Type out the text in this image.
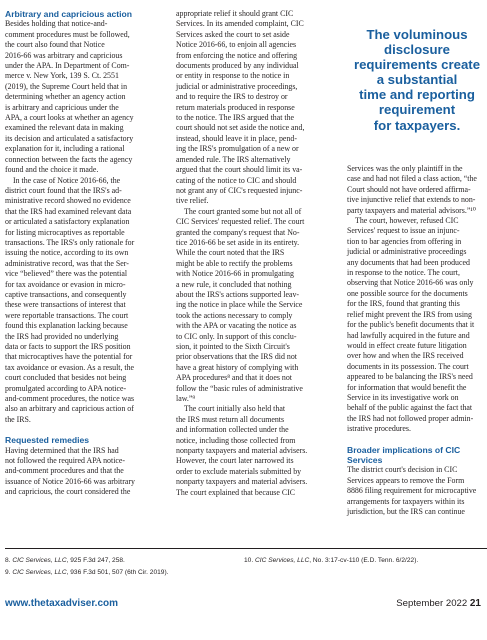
Arbitrary and capricious action

Besides holding that notice-and-
comment procedures must be followed,
the court also found that Notice
2016-66 was arbitrary and capricious
under the APA. In Department of Com-
merce v. New York, 139 S. Ct. 2551
(2019), the Supreme Court held that in
determining whether an agency action
is arbitrary and capricious under the
APA, a court looks at whether an agency
examined the relevant data in making
its decision and articulated a satisfactory
explanation for it, including a rational
connection between the facts the agency
found and the choice it made.

In the case of Notice 2016-66, the
district court found that the IRS's ad-
ministrative record showed no evidence
that the IRS had examined relevant data
or articulated a satisfactory explanation
for listing microcaptives as reportable
transactions. The IRS's only rationale for
issuing the notice, according to its own
administrative record, was that the Ser-
vice “believed” there was the potential
for tax avoidance or evasion in micro-
captive transactions, and consequently
these were transactions of interest that
were reportable transactions. The court
found this explanation lacking because
the IRS had provided no underlying
data or facts to support the IRS position
that microcaptives have the potential for
tax avoidance or evasion. As a result, the
court concluded that besides not being
promulgated according to APA notice-
and-comment procedures, the notice was
also an arbitrary and capricious action of
the IRS.

Requested remedies

Having determined that the IRS had
not followed the required APA notice-
and-comment procedures and that the
issuance of Notice 2016-66 was arbitrary
and capricious, the court considered the

appropriate relief it should grant CIC
Services. In its amended complaint, CIC
Services asked the court to set aside
Notice 2016-66, to enjoin all agencies
from enforcing the notice and offering
documents produced by any individual
or entity in response to the notice in
judicial or administrative proceedings,
and to require the IRS to destroy or
return materials produced in response
to the notice. The IRS argued that the
court should not set aside the notice and,
instead, should leave it in place, pend-
ing the IRS's promulgation of a new or
amended rule. The IRS alternatively
argued that the court should limit its va-
cating of the notice to CIC and should
not grant any of CIC's requested injunc-
tive relief.

The court granted some but not all of
CIC Services' requested relief. The court
granted the company's request that No-
tice 2016-66 be set aside in its entirety.
While the court noted that the IRS
might be able to rectify the problems
with Notice 2016-66 in promulgating
a new rule, it concluded that nothing
about the IRS's actions supported leav-
ing the notice in place while the Service
took the actions necessary to comply
with the APA or vacating the notice as
to CIC only. In support of this conclu-
sion, it pointed to the Sixth Circuit's
prior observations that the IRS did not
have a great history of complying with
APA procedures⁸ and that it does not
follow the “basic rules of administrative
law.”⁹

The court initially also held that
the IRS must return all documents
and information collected under the
notice, including those collected from
nonparty taxpayers and material advisers.
However, the court later narrowed its
order to exclude materials submitted by
nonparty taxpayers and material advisers.
The court explained that because CIC

The voluminous
disclosure
requirements create
a substantial
time and reporting
requirement
for taxpayers.

Services was the only plaintiff in the
case and had not filed a class action, “the
Court should not have ordered affirma-
tive injunctive relief that extends to non-
party taxpayers and material advisors.”¹⁰

The court, however, refused CIC
Services' request to issue an injunc-
tion to bar agencies from offering in
judicial or administrative proceedings
any documents that had been produced
in response to the notice. The court,
observing that Notice 2016-66 was only
one possible source for the documents
for the IRS, found that granting this
relief might prevent the IRS from using
for the public's benefit documents that it
had lawfully acquired in the future and
would in effect create future litigation
over how and when the IRS received
documents in its possession. The court
appeared to be balancing the IRS's need
for information that would benefit the
Service in its investigative work on
behalf of the public against the fact that
the IRS had not followed proper admin-
istrative procedures.

Broader implications of CIC Services

The district court's decision in CIC
Services appears to remove the Form
8886 filing requirement for microcaptive
arrangements for taxpayers within its
jurisdiction, but the IRS can continue

8. CIC Services, LLC, 925 F.3d 247, 258.
9. CIC Services, LLC, 936 F.3d 501, 507 (6th Cir. 2019).
10. CIC Services, LLC, No. 3:17-cv-110 (E.D. Tenn. 6/2/22).
www.thetaxadviser.com	September 2022 21
